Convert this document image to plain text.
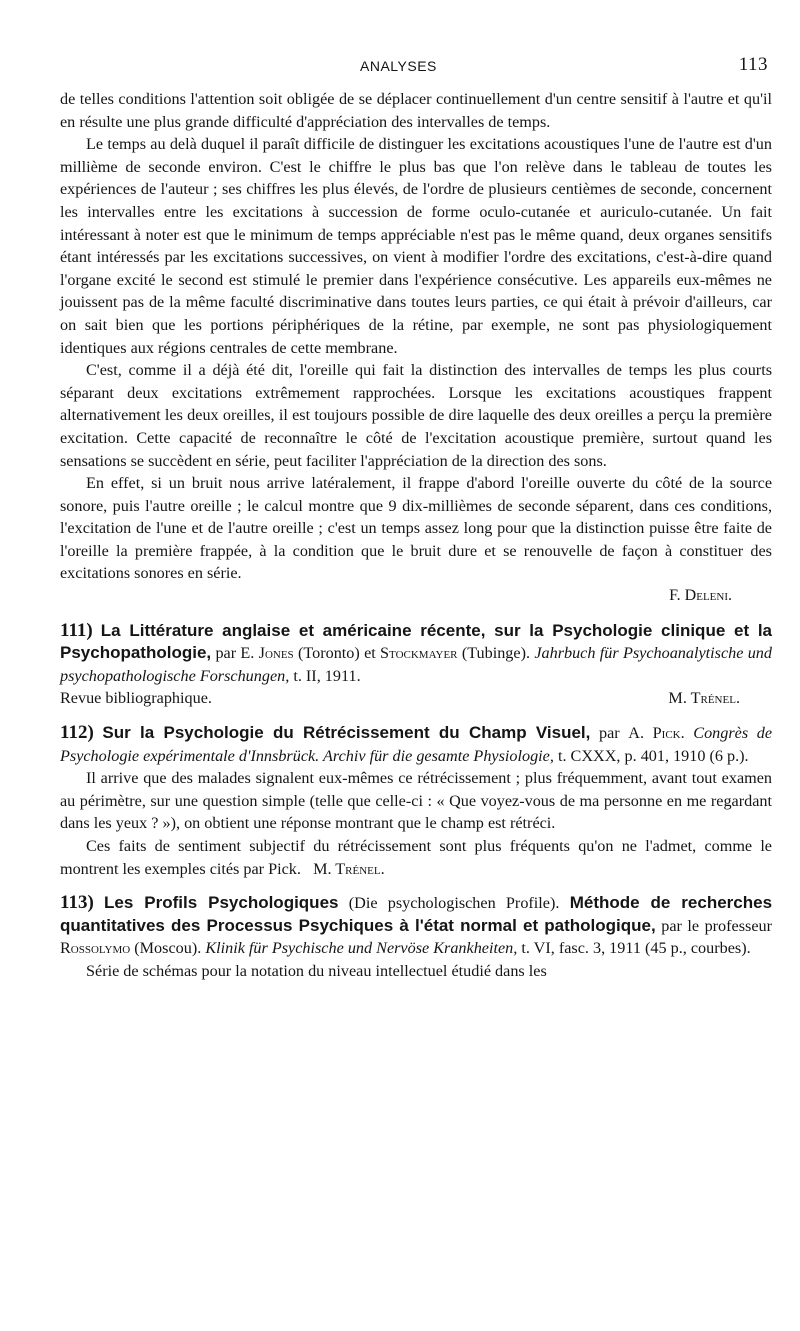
ANALYSES	113

de telles conditions l'attention soit obligée de se déplacer continuellement d'un centre sensitif à l'autre et qu'il en résulte une plus grande difficulté d'appréciation des intervalles de temps.

Le temps au delà duquel il paraît difficile de distinguer les excitations acoustiques l'une de l'autre est d'un millième de seconde environ. C'est le chiffre le plus bas que l'on relève dans le tableau de toutes les expériences de l'auteur ; ses chiffres les plus élevés, de l'ordre de plusieurs centièmes de seconde, concernent les intervalles entre les excitations à succession de forme oculo-cutanée et auriculo-cutanée. Un fait intéressant à noter est que le minimum de temps appréciable n'est pas le même quand, deux organes sensitifs étant intéressés par les excitations successives, on vient à modifier l'ordre des excitations, c'est-à-dire quand l'organe excité le second est stimulé le premier dans l'expérience consécutive. Les appareils eux-mêmes ne jouissent pas de la même faculté discriminative dans toutes leurs parties, ce qui était à prévoir d'ailleurs, car on sait bien que les portions périphériques de la rétine, par exemple, ne sont pas physiologiquement identiques aux régions centrales de cette membrane.

C'est, comme il a déjà été dit, l'oreille qui fait la distinction des intervalles de temps les plus courts séparant deux excitations extrêmement rapprochées. Lorsque les excitations acoustiques frappent alternativement les deux oreilles, il est toujours possible de dire laquelle des deux oreilles a perçu la première excitation. Cette capacité de reconnaître le côté de l'excitation acoustique première, surtout quand les sensations se succèdent en série, peut faciliter l'appréciation de la direction des sons.

En effet, si un bruit nous arrive latéralement, il frappe d'abord l'oreille ouverte du côté de la source sonore, puis l'autre oreille ; le calcul montre que 9 dix-millièmes de seconde séparent, dans ces conditions, l'excitation de l'une et de l'autre oreille ; c'est un temps assez long pour que la distinction puisse être faite de l'oreille la première frappée, à la condition que le bruit dure et se renouvelle de façon à constituer des excitations sonores en série.

F. Deleni.
111) La Littérature anglaise et américaine récente, sur la Psychologie clinique et la Psychopathologie, par E. Jones (Toronto) et Stockmayer (Tubinge). Jahrbuch für Psychoanalytische und psychopathologische Forschungen, t. II, 1911.
Revue bibliographique.	M. Trénel.
112) Sur la Psychologie du Rétrécissement du Champ Visuel, par A. Pick. Congrès de Psychologie expérimentale d'Innsbrück. Archiv für die gesamte Physiologie, t. CXXX, p. 401, 1910 (6 p.).

Il arrive que des malades signalent eux-mêmes ce rétrécissement ; plus fréquemment, avant tout examen au périmètre, sur une question simple (telle que celle-ci : « Que voyez-vous de ma personne en me regardant dans les yeux ? »), on obtient une réponse montrant que le champ est rétréci.

Ces faits de sentiment subjectif du rétrécissement sont plus fréquents qu'on ne l'admet, comme le montrent les exemples cités par Pick. M. Trénel.

113) Les Profils Psychologiques (Die psychologischen Profile). Méthode de recherches quantitatives des Processus Psychiques à l'état normal et pathologique, par le professeur Rossolymo (Moscou). Klinik für Psychische und Nervöse Krankheiten, t. VI, fasc. 3, 1911 (45 p., courbes).

Série de schémas pour la notation du niveau intellectuel étudié dans les
